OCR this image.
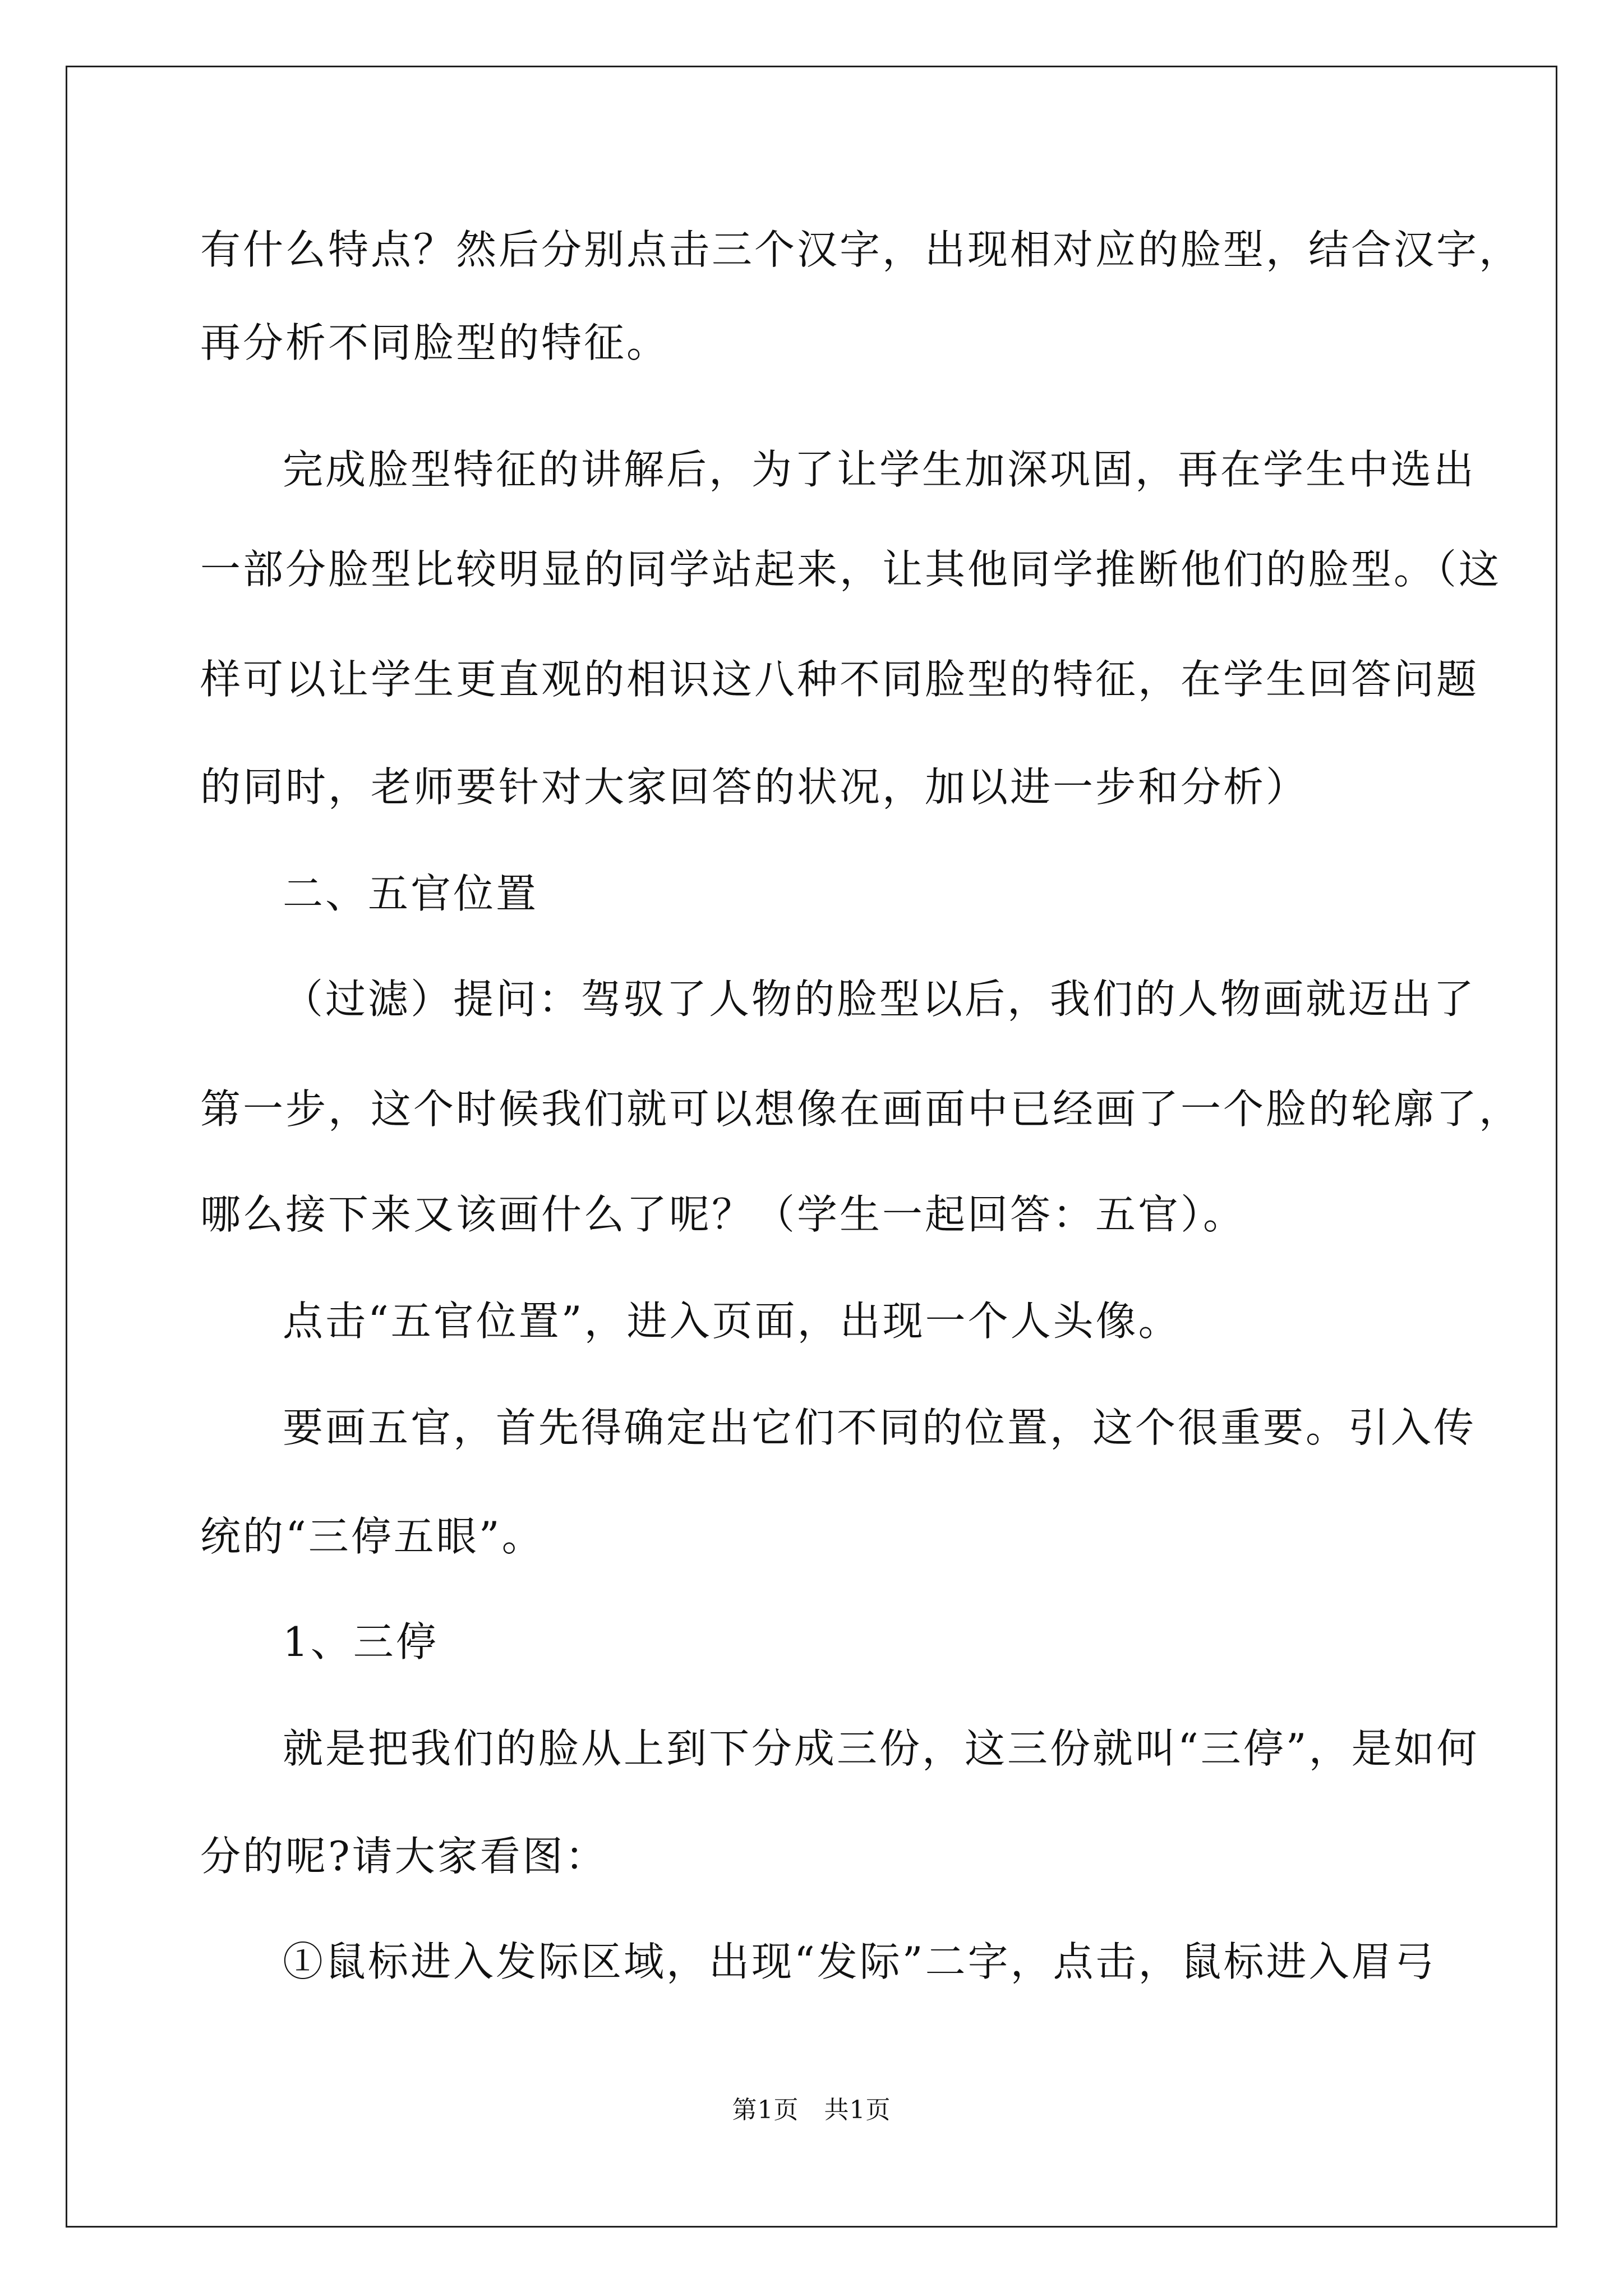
有什么特点？然后分别点击三个汉字，出现相对应的脸型，结合汉字，
再分析不同脸型的特征。
完成脸型特征的讲解后，为了让学生加深巩固，再在学生中选出
一部分脸型比较明显的同学站起来，让其他同学推断他们的脸型。（这
样可以让学生更直观的相识这八种不同脸型的特征，在学生回答问题
的同时，老师要针对大家回答的状况，加以进一步和分析）
二、五官位置
（过滤）提问：驾驭了人物的脸型以后，我们的人物画就迈出了
第一步，这个时候我们就可以想像在画面中已经画了一个脸的轮廓了，
哪么接下来又该画什么了呢？（学生一起回答：五官）。
点击“五官位置”，进入页面，出现一个人头像。
要画五官，首先得确定出它们不同的位置，这个很重要。引入传
统的“三停五眼”。
1、三停
就是把我们的脸从上到下分成三份，这三份就叫“三停”，是如何
分的呢?请大家看图：
①鼠标进入发际区域，出现“发际”二字，点击，鼠标进入眉弓
第1页　共1页
